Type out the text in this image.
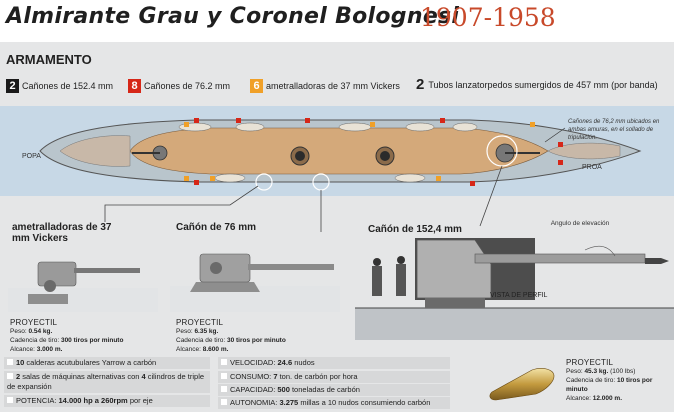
Almirante Grau y Coronel Bolognesi
1907-1958
ARMAMENTO
2 Cañones de 152.4 mm	8 Cañones de 76.2 mm	6 ametralladoras de 37 mm Vickers 2 Tubos lanzatorpedos sumergidos de 457 mm (por banda)
Cañones de 76,2 mm ubicados en ambas amuras, en el sollado de tripulación.
POPA
PROA
ametralladoras de 37 mm Vickers
PROYECTIL
Peso: 0.54 kg.
Cadencia de tiro: 300 tiros por minuto
Alcance: 3.000 m.
Cañón de 76 mm
PROYECTIL
Peso: 6.35 kg.
Cadencia de tiro: 30 tiros por minuto
Alcance: 8.600 m.
Cañón de 152,4 mm
Angulo de elevación
VISTA DE PERFIL
PROYECTIL
Peso: 45.3 kg. (100 lbs)
Cadencia de tiro: 10 tiros por minuto
Alcance: 12.000 m.
10 calderas acutubulares Yarrow a carbón
2 salas de máquinas alternativas con 4 cilindros de triple de expansión
POTENCIA: 14.000 hp a 260rpm por eje
VELOCIDAD: 24.6 nudos
CONSUMO: 7 ton. de carbón por hora
CAPACIDAD: 500 toneladas de carbón
AUTONOMIA: 3.275 millas a 10 nudos consumiendo carbón
